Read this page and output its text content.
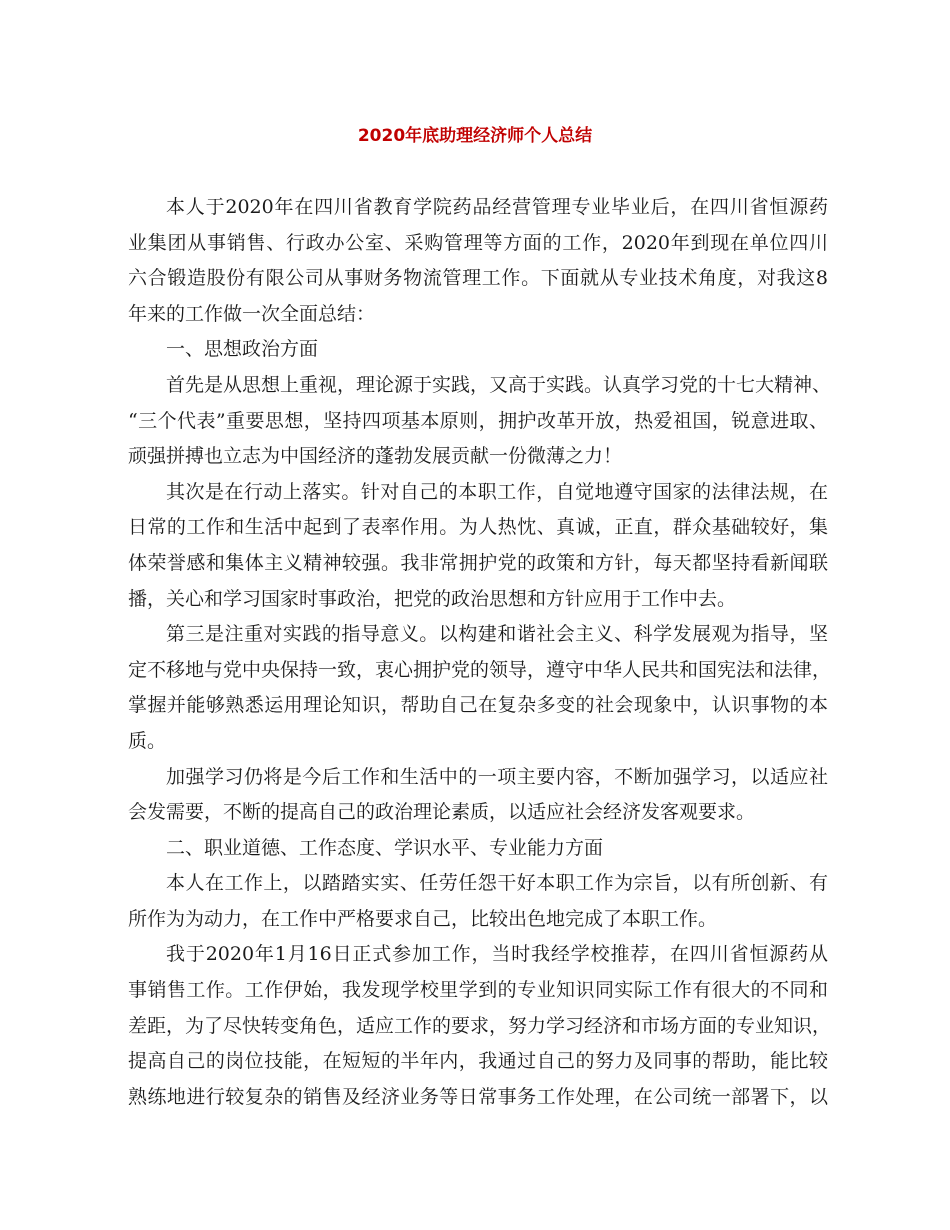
2020年底助理经济师个人总结
本人于2020年在四川省教育学院药品经营管理专业毕业后，在四川省恒源药
业集团从事销售、行政办公室、采购管理等方面的工作，2020年到现在单位四川
六合锻造股份有限公司从事财务物流管理工作。下面就从专业技术角度，对我这8
年来的工作做一次全面总结：
一、思想政治方面
首先是从思想上重视，理论源于实践，又高于实践。认真学习党的十七大精神、
“三个代表”重要思想，坚持四项基本原则，拥护改革开放，热爱祖国，锐意进取、
顽强拼搏也立志为中国经济的蓬勃发展贡献一份微薄之力！
其次是在行动上落实。针对自己的本职工作，自觉地遵守国家的法律法规，在
日常的工作和生活中起到了表率作用。为人热忱、真诚，正直，群众基础较好，集
体荣誉感和集体主义精神较强。我非常拥护党的政策和方针，每天都坚持看新闻联
播，关心和学习国家时事政治，把党的政治思想和方针应用于工作中去。
第三是注重对实践的指导意义。以构建和谐社会主义、科学发展观为指导，坚
定不移地与党中央保持一致，衷心拥护党的领导，遵守中华人民共和国宪法和法律，
掌握并能够熟悉运用理论知识，帮助自己在复杂多变的社会现象中，认识事物的本
质。
加强学习仍将是今后工作和生活中的一项主要内容，不断加强学习，以适应社
会发需要，不断的提高自己的政治理论素质，以适应社会经济发客观要求。
二、职业道德、工作态度、学识水平、专业能力方面
本人在工作上，以踏踏实实、任劳任怨干好本职工作为宗旨，以有所创新、有
所作为为动力，在工作中严格要求自己，比较出色地完成了本职工作。
我于2020年1月16日正式参加工作，当时我经学校推荐，在四川省恒源药从
事销售工作。工作伊始，我发现学校里学到的专业知识同实际工作有很大的不同和
差距，为了尽快转变角色，适应工作的要求，努力学习经济和市场方面的专业知识，
提高自己的岗位技能，在短短的半年内，我通过自己的努力及同事的帮助，能比较
熟练地进行较复杂的销售及经济业务等日常事务工作处理，在公司统一部署下，以
